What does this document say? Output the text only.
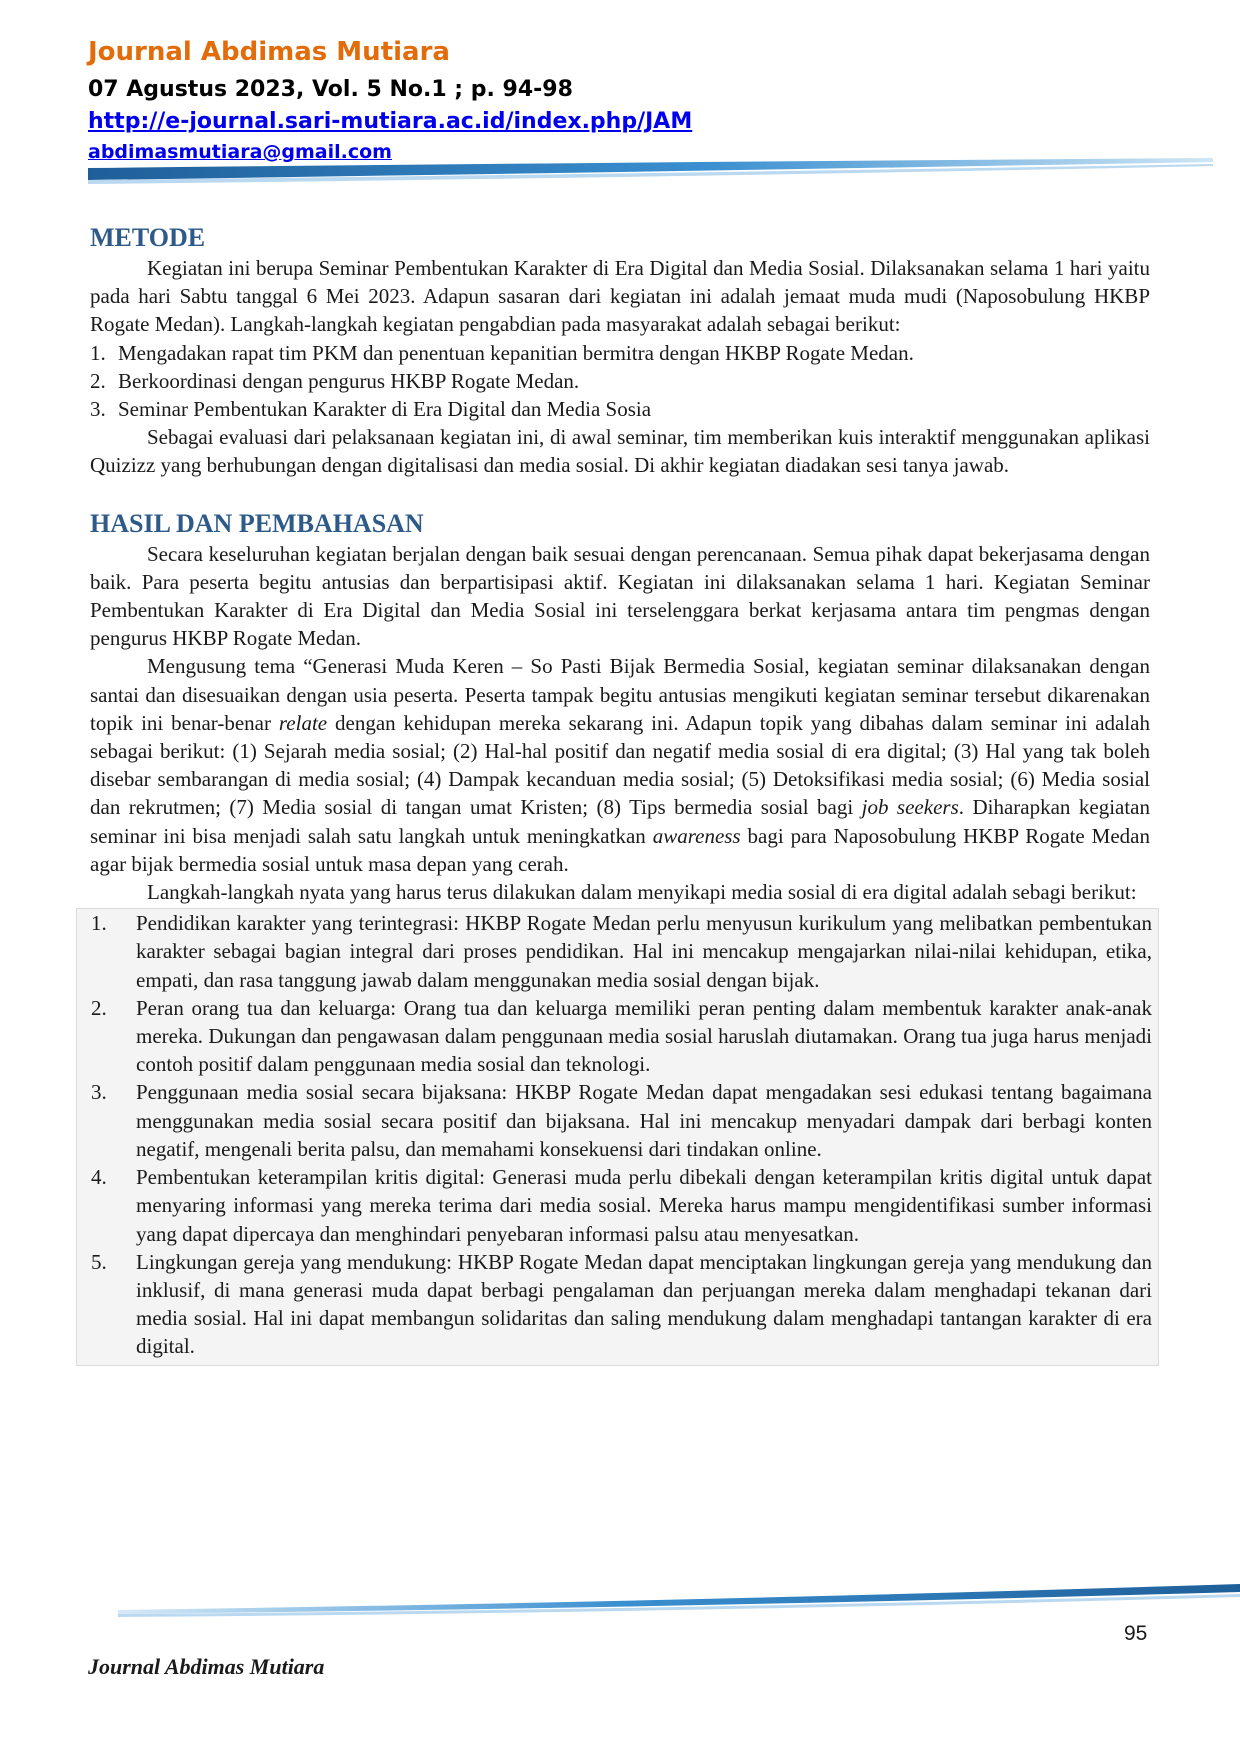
Journal Abdimas Mutiara
07 Agustus 2023, Vol. 5 No.1 ; p. 94-98
http://e-journal.sari-mutiara.ac.id/index.php/JAM
abdimasmutiara@gmail.com
METODE

Kegiatan ini berupa Seminar Pembentukan Karakter di Era Digital dan Media Sosial. Dilaksanakan selama 1 hari yaitu pada hari Sabtu tanggal 6 Mei 2023. Adapun sasaran dari kegiatan ini adalah jemaat muda mudi (Naposobulung HKBP Rogate Medan). Langkah-langkah kegiatan pengabdian pada masyarakat adalah sebagai berikut:

1. Mengadakan rapat tim PKM dan penentuan kepanitian bermitra dengan HKBP Rogate Medan.
2. Berkoordinasi dengan pengurus HKBP Rogate Medan.
3. Seminar Pembentukan Karakter di Era Digital dan Media Sosia

Sebagai evaluasi dari pelaksanaan kegiatan ini, di awal seminar, tim memberikan kuis interaktif menggunakan aplikasi Quizizz yang berhubungan dengan digitalisasi dan media sosial. Di akhir kegiatan diadakan sesi tanya jawab.

HASIL DAN PEMBAHASAN

Secara keseluruhan kegiatan berjalan dengan baik sesuai dengan perencanaan. Semua pihak dapat bekerjasama dengan baik. Para peserta begitu antusias dan berpartisipasi aktif. Kegiatan ini dilaksanakan selama 1 hari. Kegiatan Seminar Pembentukan Karakter di Era Digital dan Media Sosial ini terselenggara berkat kerjasama antara tim pengmas dengan pengurus HKBP Rogate Medan.

Mengusung tema “Generasi Muda Keren – So Pasti Bijak Bermedia Sosial, kegiatan seminar dilaksanakan dengan santai dan disesuaikan dengan usia peserta. Peserta tampak begitu antusias mengikuti kegiatan seminar tersebut dikarenakan topik ini benar-benar relate dengan kehidupan mereka sekarang ini. Adapun topik yang dibahas dalam seminar ini adalah sebagai berikut: (1) Sejarah media sosial; (2) Hal-hal positif dan negatif media sosial di era digital; (3) Hal yang tak boleh disebar sembarangan di media sosial; (4) Dampak kecanduan media sosial; (5) Detoksifikasi media sosial; (6) Media sosial dan rekrutmen; (7) Media sosial di tangan umat Kristen; (8) Tips bermedia sosial bagi job seekers. Diharapkan kegiatan seminar ini bisa menjadi salah satu langkah untuk meningkatkan awareness bagi para Naposobulung HKBP Rogate Medan agar bijak bermedia sosial untuk masa depan yang cerah.

Langkah-langkah nyata yang harus terus dilakukan dalam menyikapi media sosial di era digital adalah sebagi berikut:

1.	Pendidikan karakter yang terintegrasi: HKBP Rogate Medan perlu menyusun kurikulum yang melibatkan pembentukan karakter sebagai bagian integral dari proses pendidikan. Hal ini mencakup mengajarkan nilai-nilai kehidupan, etika, empati, dan rasa tanggung jawab dalam menggunakan media sosial dengan bijak.
2.	Peran orang tua dan keluarga: Orang tua dan keluarga memiliki peran penting dalam membentuk karakter anak-anak mereka. Dukungan dan pengawasan dalam penggunaan media sosial haruslah diutamakan. Orang tua juga harus menjadi contoh positif dalam penggunaan media sosial dan teknologi.
3.	Penggunaan media sosial secara bijaksana: HKBP Rogate Medan dapat mengadakan sesi edukasi tentang bagaimana menggunakan media sosial secara positif dan bijaksana. Hal ini mencakup menyadari dampak dari berbagi konten negatif, mengenali berita palsu, dan memahami konsekuensi dari tindakan online.
4.	Pembentukan keterampilan kritis digital: Generasi muda perlu dibekali dengan keterampilan kritis digital untuk dapat menyaring informasi yang mereka terima dari media sosial. Mereka harus mampu mengidentifikasi sumber informasi yang dapat dipercaya dan menghindari penyebaran informasi palsu atau menyesatkan.
5.	Lingkungan gereja yang mendukung: HKBP Rogate Medan dapat menciptakan lingkungan gereja yang mendukung dan inklusif, di mana generasi muda dapat berbagi pengalaman dan perjuangan mereka dalam menghadapi tekanan dari media sosial. Hal ini dapat membangun solidaritas dan saling mendukung dalam menghadapi tantangan karakter di era digital.
95
Journal Abdimas Mutiara
